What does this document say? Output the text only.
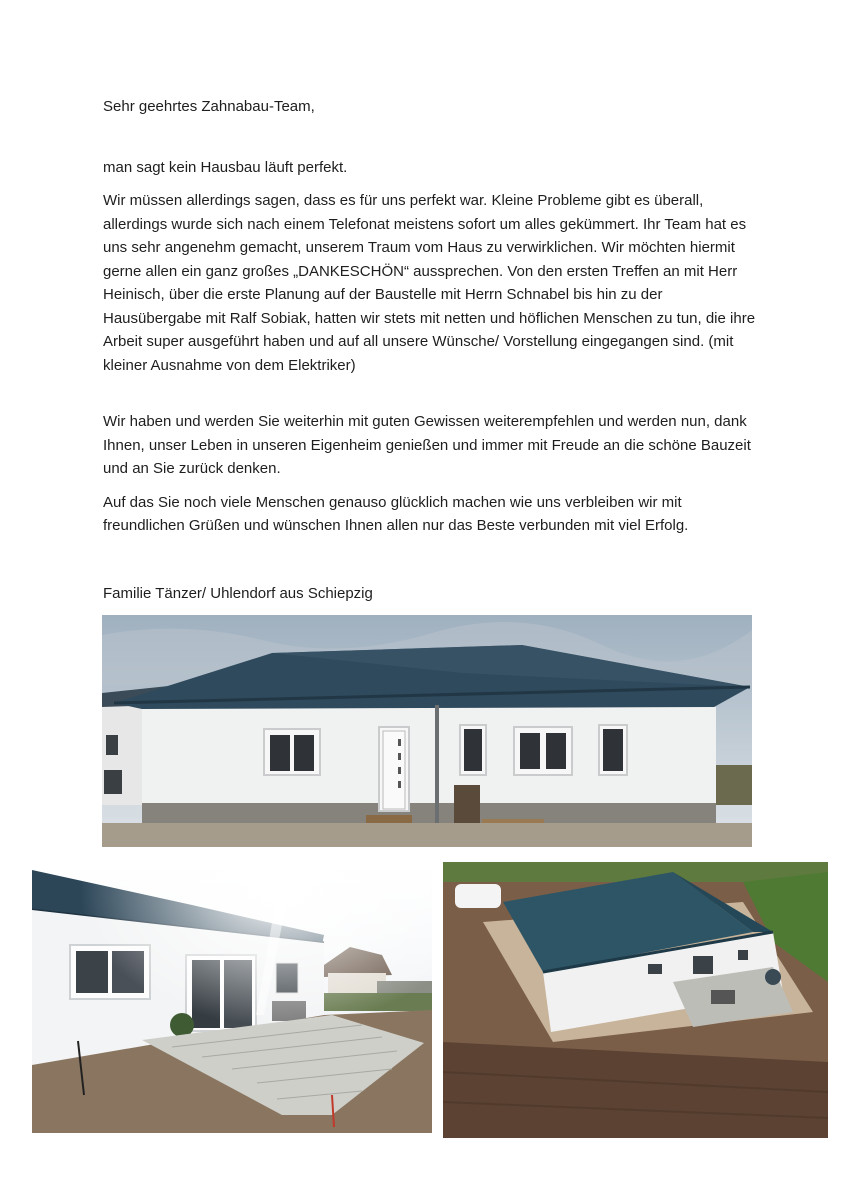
Sehr geehrtes Zahnabau-Team,

man sagt kein Hausbau läuft perfekt.

Wir müssen allerdings sagen, dass es für uns perfekt war. Kleine Probleme gibt es überall, allerdings wurde sich nach einem Telefonat meistens sofort um alles gekümmert. Ihr Team hat es uns sehr angenehm gemacht, unserem Traum vom Haus zu verwirklichen. Wir möchten hiermit gerne allen ein ganz großes „DANKESCHÖN“ aussprechen. Von den ersten Treffen an mit Herr Heinisch, über die erste Planung auf der Baustelle mit Herrn Schnabel bis hin zu der Hausübergabe mit Ralf Sobiak, hatten wir stets mit netten und höflichen Menschen zu tun, die ihre Arbeit super ausgeführt haben und auf all unsere Wünsche/ Vorstellung eingegangen sind. (mit kleiner Ausnahme von dem Elektriker)

Wir haben und werden Sie weiterhin mit guten Gewissen weiterempfehlen und werden nun, dank Ihnen, unser Leben in unseren Eigenheim genießen und immer mit Freude an die schöne Bauzeit und an Sie zurück denken.

Auf das Sie noch viele Menschen genauso glücklich machen wie uns verbleiben wir mit freundlichen Grüßen und wünschen Ihnen allen nur das Beste verbunden mit viel Erfolg.

Familie Tänzer/ Uhlendorf aus Schiepzig
